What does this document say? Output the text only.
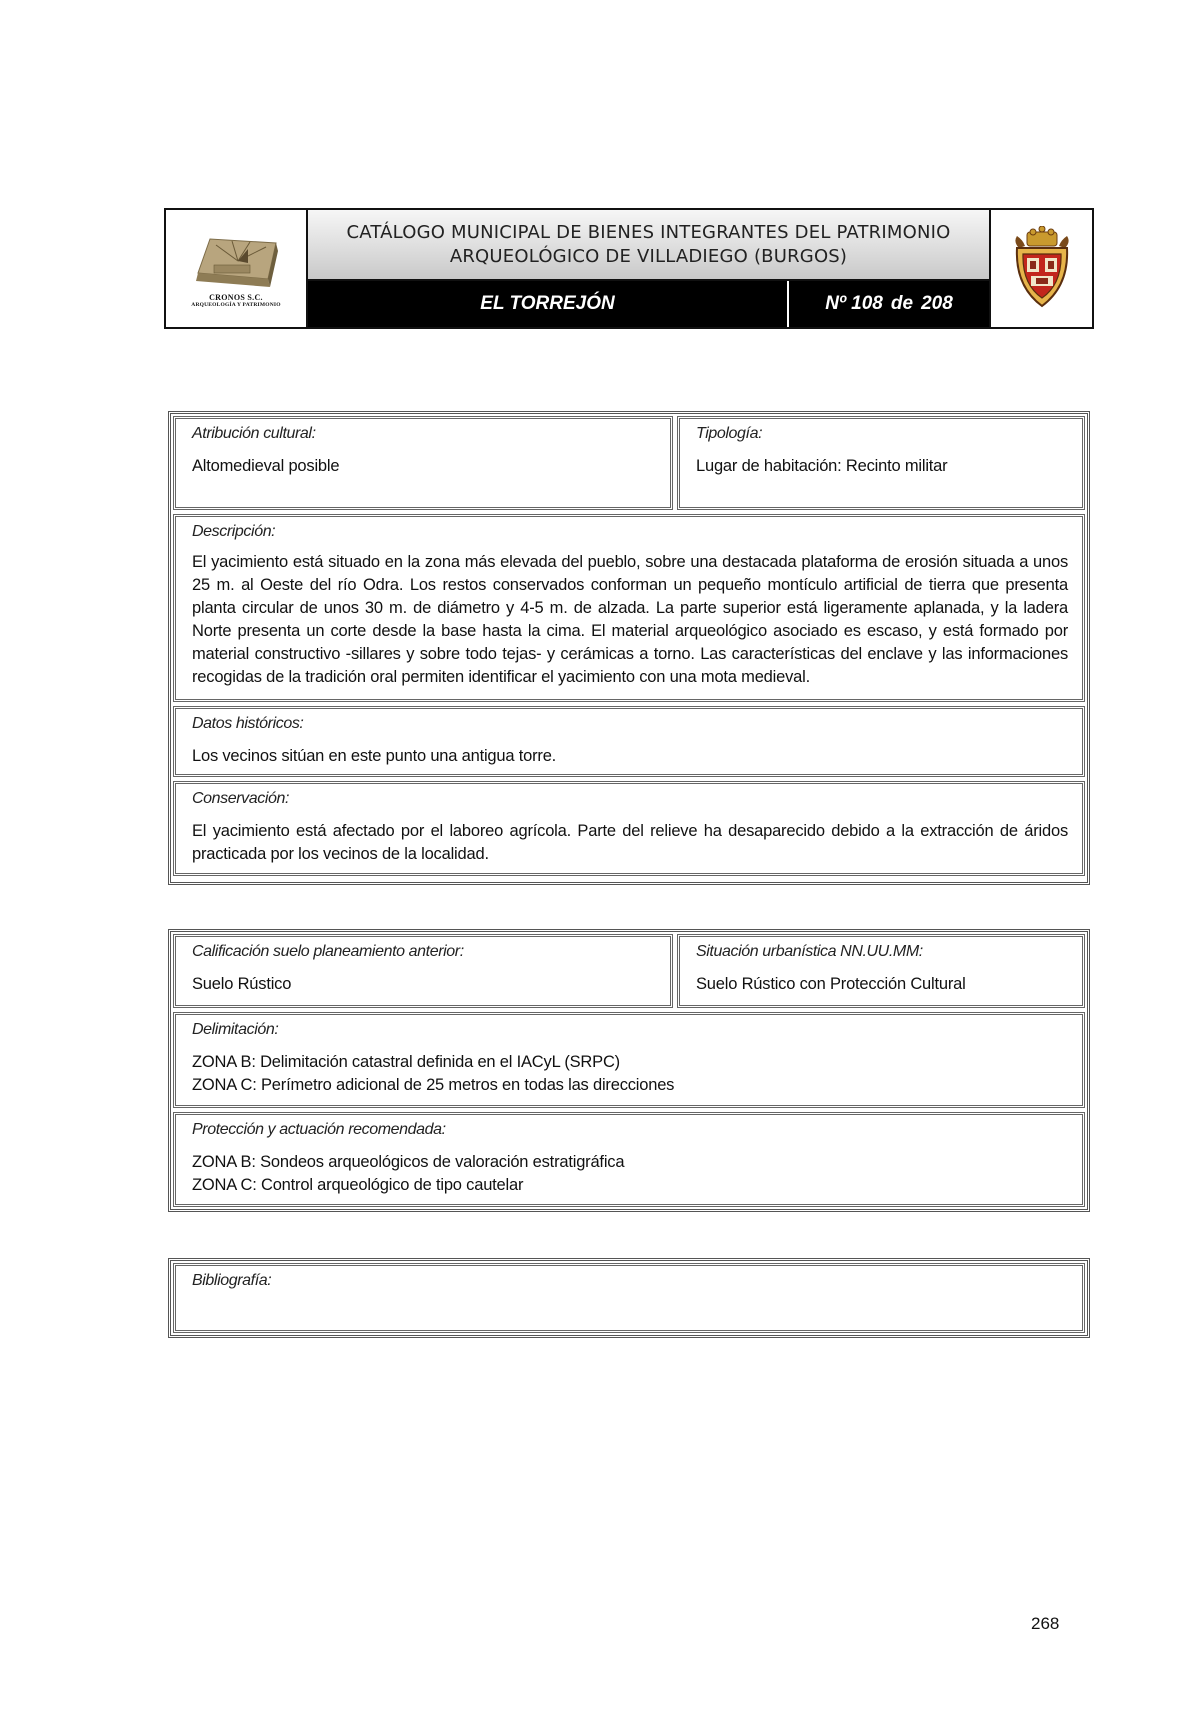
CRONOS S.C.
ARQUEOLOGÍA Y PATRIMONIO
CATÁLOGO MUNICIPAL DE BIENES INTEGRANTES DEL PATRIMONIO
ARQUEOLÓGICO DE VILLADIEGO (BURGOS)
EL TORREJÓN	Nº 108 de 208
Atribución cultural:
Altomedieval posible
Tipología:
Lugar de habitación: Recinto militar
Descripción:
El yacimiento está situado en la zona más elevada del pueblo, sobre una destacada plataforma de erosión situada a unos 25 m. al Oeste del río Odra. Los restos conservados conforman un pequeño montículo artificial de tierra que presenta planta circular de unos 30 m. de diámetro y 4-5 m. de alzada. La parte superior está ligeramente aplanada, y la ladera Norte presenta un corte desde la base hasta la cima. El material arqueológico asociado es escaso, y está formado por material constructivo -sillares y sobre todo tejas- y cerámicas a torno. Las características del enclave y las informaciones recogidas de la tradición oral permiten identificar el yacimiento con una mota medieval.
Datos históricos:
Los vecinos sitúan en este punto una antigua torre.
Conservación:
El yacimiento está afectado por el laboreo agrícola. Parte del relieve ha desaparecido debido a la extracción de áridos practicada por los vecinos de la localidad.
Calificación suelo planeamiento anterior:
Suelo Rústico
Situación urbanística NN.UU.MM:
Suelo Rústico con Protección Cultural
Delimitación:
ZONA B: Delimitación catastral definida en el IACyL (SRPC)
ZONA C: Perímetro adicional de 25 metros en todas las direcciones
Protección y actuación recomendada:
ZONA B: Sondeos arqueológicos de valoración estratigráfica
ZONA C: Control arqueológico de tipo cautelar
Bibliografía:
268
